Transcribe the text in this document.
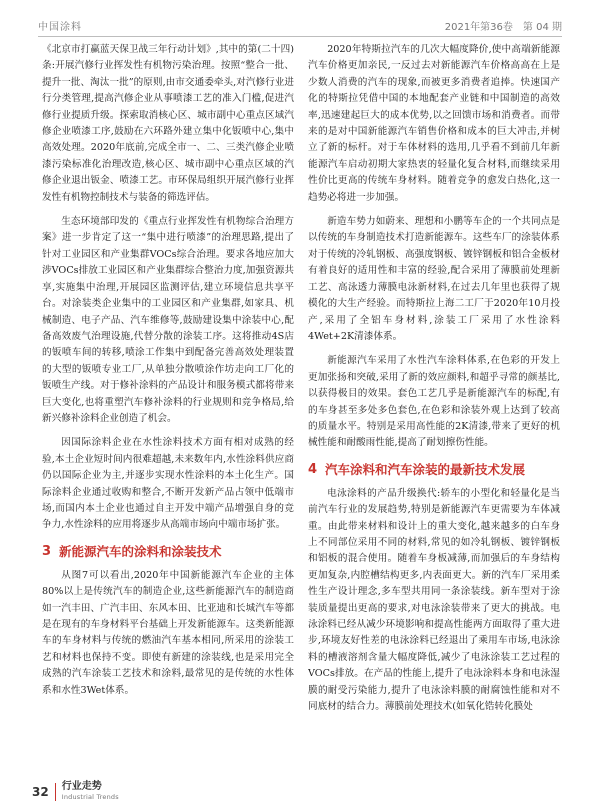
中国涂料	2021年第36卷　第 04 期

《北京市打赢蓝天保卫战三年行动计划》,其中的第(二十四)条:开展汽修行业挥发性有机物污染治理。按照“整合一批、提升一批、淘汰一批”的原则,由市交通委牵头,对汽修行业进行分类管理,提高汽修企业从事喷漆工艺的准入门槛,促进汽修行业提质升级。探索取消核心区、城市副中心重点区域汽修企业喷漆工序,鼓励在六环路外建立集中化钣喷中心,集中高效处理。2020年底前,完成全市一、二、三类汽修企业喷漆污染标准化治理改造,核心区、城市副中心重点区域的汽修企业退出钣金、喷漆工艺。市环保局组织开展汽修行业挥发性有机物控制技术与装备的筛选评估。

生态环境部印发的《重点行业挥发性有机物综合治理方案》进一步肯定了这一“集中进行喷漆”的治理思路,提出了针对工业园区和产业集群VOCs综合治理。要求各地应加大涉VOCs排放工业园区和产业集群综合整治力度,加强资源共享,实施集中治理,开展园区监测评估,建立环境信息共享平台。对涂装类企业集中的工业园区和产业集群,如家具、机械制造、电子产品、汽车维修等,鼓励建设集中涂装中心,配备高效废气治理设施,代替分散的涂装工序。这将推动4S店的钣喷车间的转移,喷涂工作集中到配备完善高效处理装置的大型的钣喷专业工厂,从单独分散喷涂作坊走向工厂化的钣喷生产线。对于修补涂料的产品设计和服务模式都将带来巨大变化,也将重塑汽车修补涂料的行业规则和竞争格局,给新兴修补涂料企业创造了机会。

因国际涂料企业在水性涂料技术方面有相对成熟的经验,本土企业短时间内很难超越,未来数年内,水性涂料供应商仍以国际企业为主,并逐步实现水性涂料的本土化生产。国际涂料企业通过收购和整合,不断开发新产品占领中低端市场,而国内本土企业也通过自主开发中端产品增强自身的竞争力,水性涂料的应用将逐步从高端市场向中端市场扩张。

3 新能源汽车的涂料和涂装技术

从图7可以看出,2020年中国新能源汽车企业的主体80%以上是传统汽车的制造企业,这些新能源汽车的制造商如一汽丰田、广汽丰田、东风本田、比亚迪和长城汽车等都是在现有的车身材料平台基础上开发新能源车。这类新能源车的车身材料与传统的燃油汽车基本相同,所采用的涂装工艺和材料也保持不变。即使有新建的涂装线,也是采用完全成熟的汽车涂装工艺技术和涂料,最常见的是传统的水性体系和水性3Wet体系。

2020年特斯拉汽车的几次大幅度降价,使中高端新能源汽车价格更加亲民,一反过去对新能源汽车价格高高在上是少数人消费的汽车的现象,而被更多消费者追捧。快速国产化的特斯拉凭借中国的本地配套产业链和中国制造的高效率,迅速建起巨大的成本优势,以之回馈市场和消费者。而带来的是对中国新能源汽车销售价格和成本的巨大冲击,并树立了新的标杆。对于车体材料的选用,几乎看不到前几年新能源汽车启动初期大家热衷的轻量化复合材料,而继续采用性价比更高的传统车身材料。随着竞争的愈发白热化,这一趋势必将进一步加强。

新造车势力如蔚来、理想和小鹏等车企的一个共同点是以传统的车身制造技术打造新能源车。这些车厂的涂装体系对于传统的冷轧钢板、高强度钢板、镀锌钢板和铝合金板材有着良好的适用性和丰富的经验,配合采用了薄膜前处理新工艺、高泳透力薄膜电泳新材料,在过去几年里也获得了规模化的大生产经验。而特斯拉上海二工厂于2020年10月投产,采用了全铝车身材料,涂装工厂采用了水性涂料4Wet+2K清漆体系。

新能源汽车采用了水性汽车涂料体系,在色彩的开发上更加张扬和突破,采用了新的效应颜料,和超乎寻常的颜基比,以获得极目的效果。套色工艺几乎是新能源汽车的标配,有的车身甚至多处多色套色,在色彩和涂装外观上达到了较高的质量水平。特别是采用高性能的2K清漆,带来了更好的机械性能和耐酸雨性能,提高了耐划擦伤性能。

4 汽车涂料和汽车涂装的最新技术发展

电泳涂料的产品升级换代:轿车的小型化和轻量化是当前汽车行业的发展趋势,特别是新能源汽车更需要为车体减重。由此带来材料和设计上的重大变化,越来越多的白车身上不同部位采用不同的材料,常见的如冷轧钢板、镀锌钢板和铝板的混合使用。随着车身板减薄,而加强后的车身结构更加复杂,内腔槽结构更多,内表面更大。新的汽车厂采用柔性生产设计理念,多车型共用同一条涂装线。新车型对于涂装质量提出更高的要求,对电泳涂装带来了更大的挑战。电泳涂料已经从减少环境影响和提高性能两方面取得了重大进步,环境友好性差的电泳涂料已经退出了乘用车市场,电泳涂料的槽液溶剂含量大幅度降低,减少了电泳涂装工艺过程的VOCs排放。在产品的性能上,提升了电泳涂料本身和电泳湿膜的耐受污染能力,提升了电泳涂料膜的耐腐蚀性能和对不同底材的结合力。薄膜前处理技术(如氧化锆转化膜处

32 行业走势
Industrial Trends
